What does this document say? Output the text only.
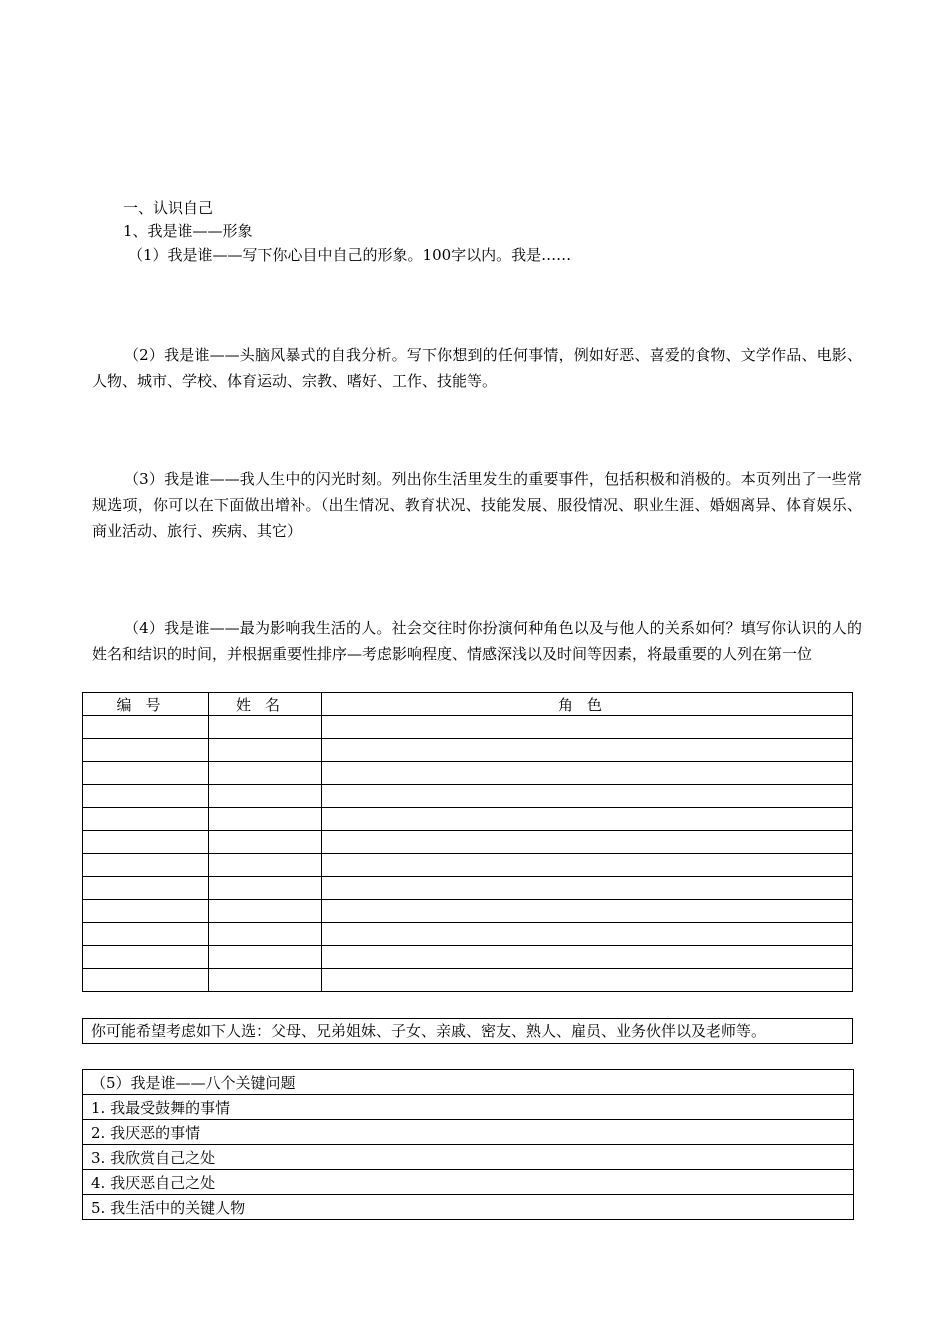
一、认识自己
1、我是谁——形象
（1）我是谁——写下你心目中自己的形象。100字以内。我是……
（2）我是谁——头脑风暴式的自我分析。写下你想到的任何事情，例如好恶、喜爱的食物、文学作品、电影、人物、城市、学校、体育运动、宗教、嗜好、工作、技能等。
（3）我是谁——我人生中的闪光时刻。列出你生活里发生的重要事件，包括积极和消极的。本页列出了一些常规选项，你可以在下面做出增补。（出生情况、教育状况、技能发展、服役情况、职业生涯、婚姻离异、体育娱乐、商业活动、旅行、疾病、其它）
（4）我是谁——最为影响我生活的人。社会交往时你扮演何种角色以及与他人的关系如何？填写你认识的人的姓名和结识的时间，并根据重要性排序—考虑影响程度、情感深浅以及时间等因素，将最重要的人列在第一位
编号	姓名	角色

你可能希望考虑如下人选：父母、兄弟姐妹、子女、亲戚、密友、熟人、雇员、业务伙伴以及老师等。
（5）我是谁——八个关键问题
1. 我最受鼓舞的事情
2. 我厌恶的事情
3. 我欣赏自己之处
4. 我厌恶自己之处
5. 我生活中的关键人物
